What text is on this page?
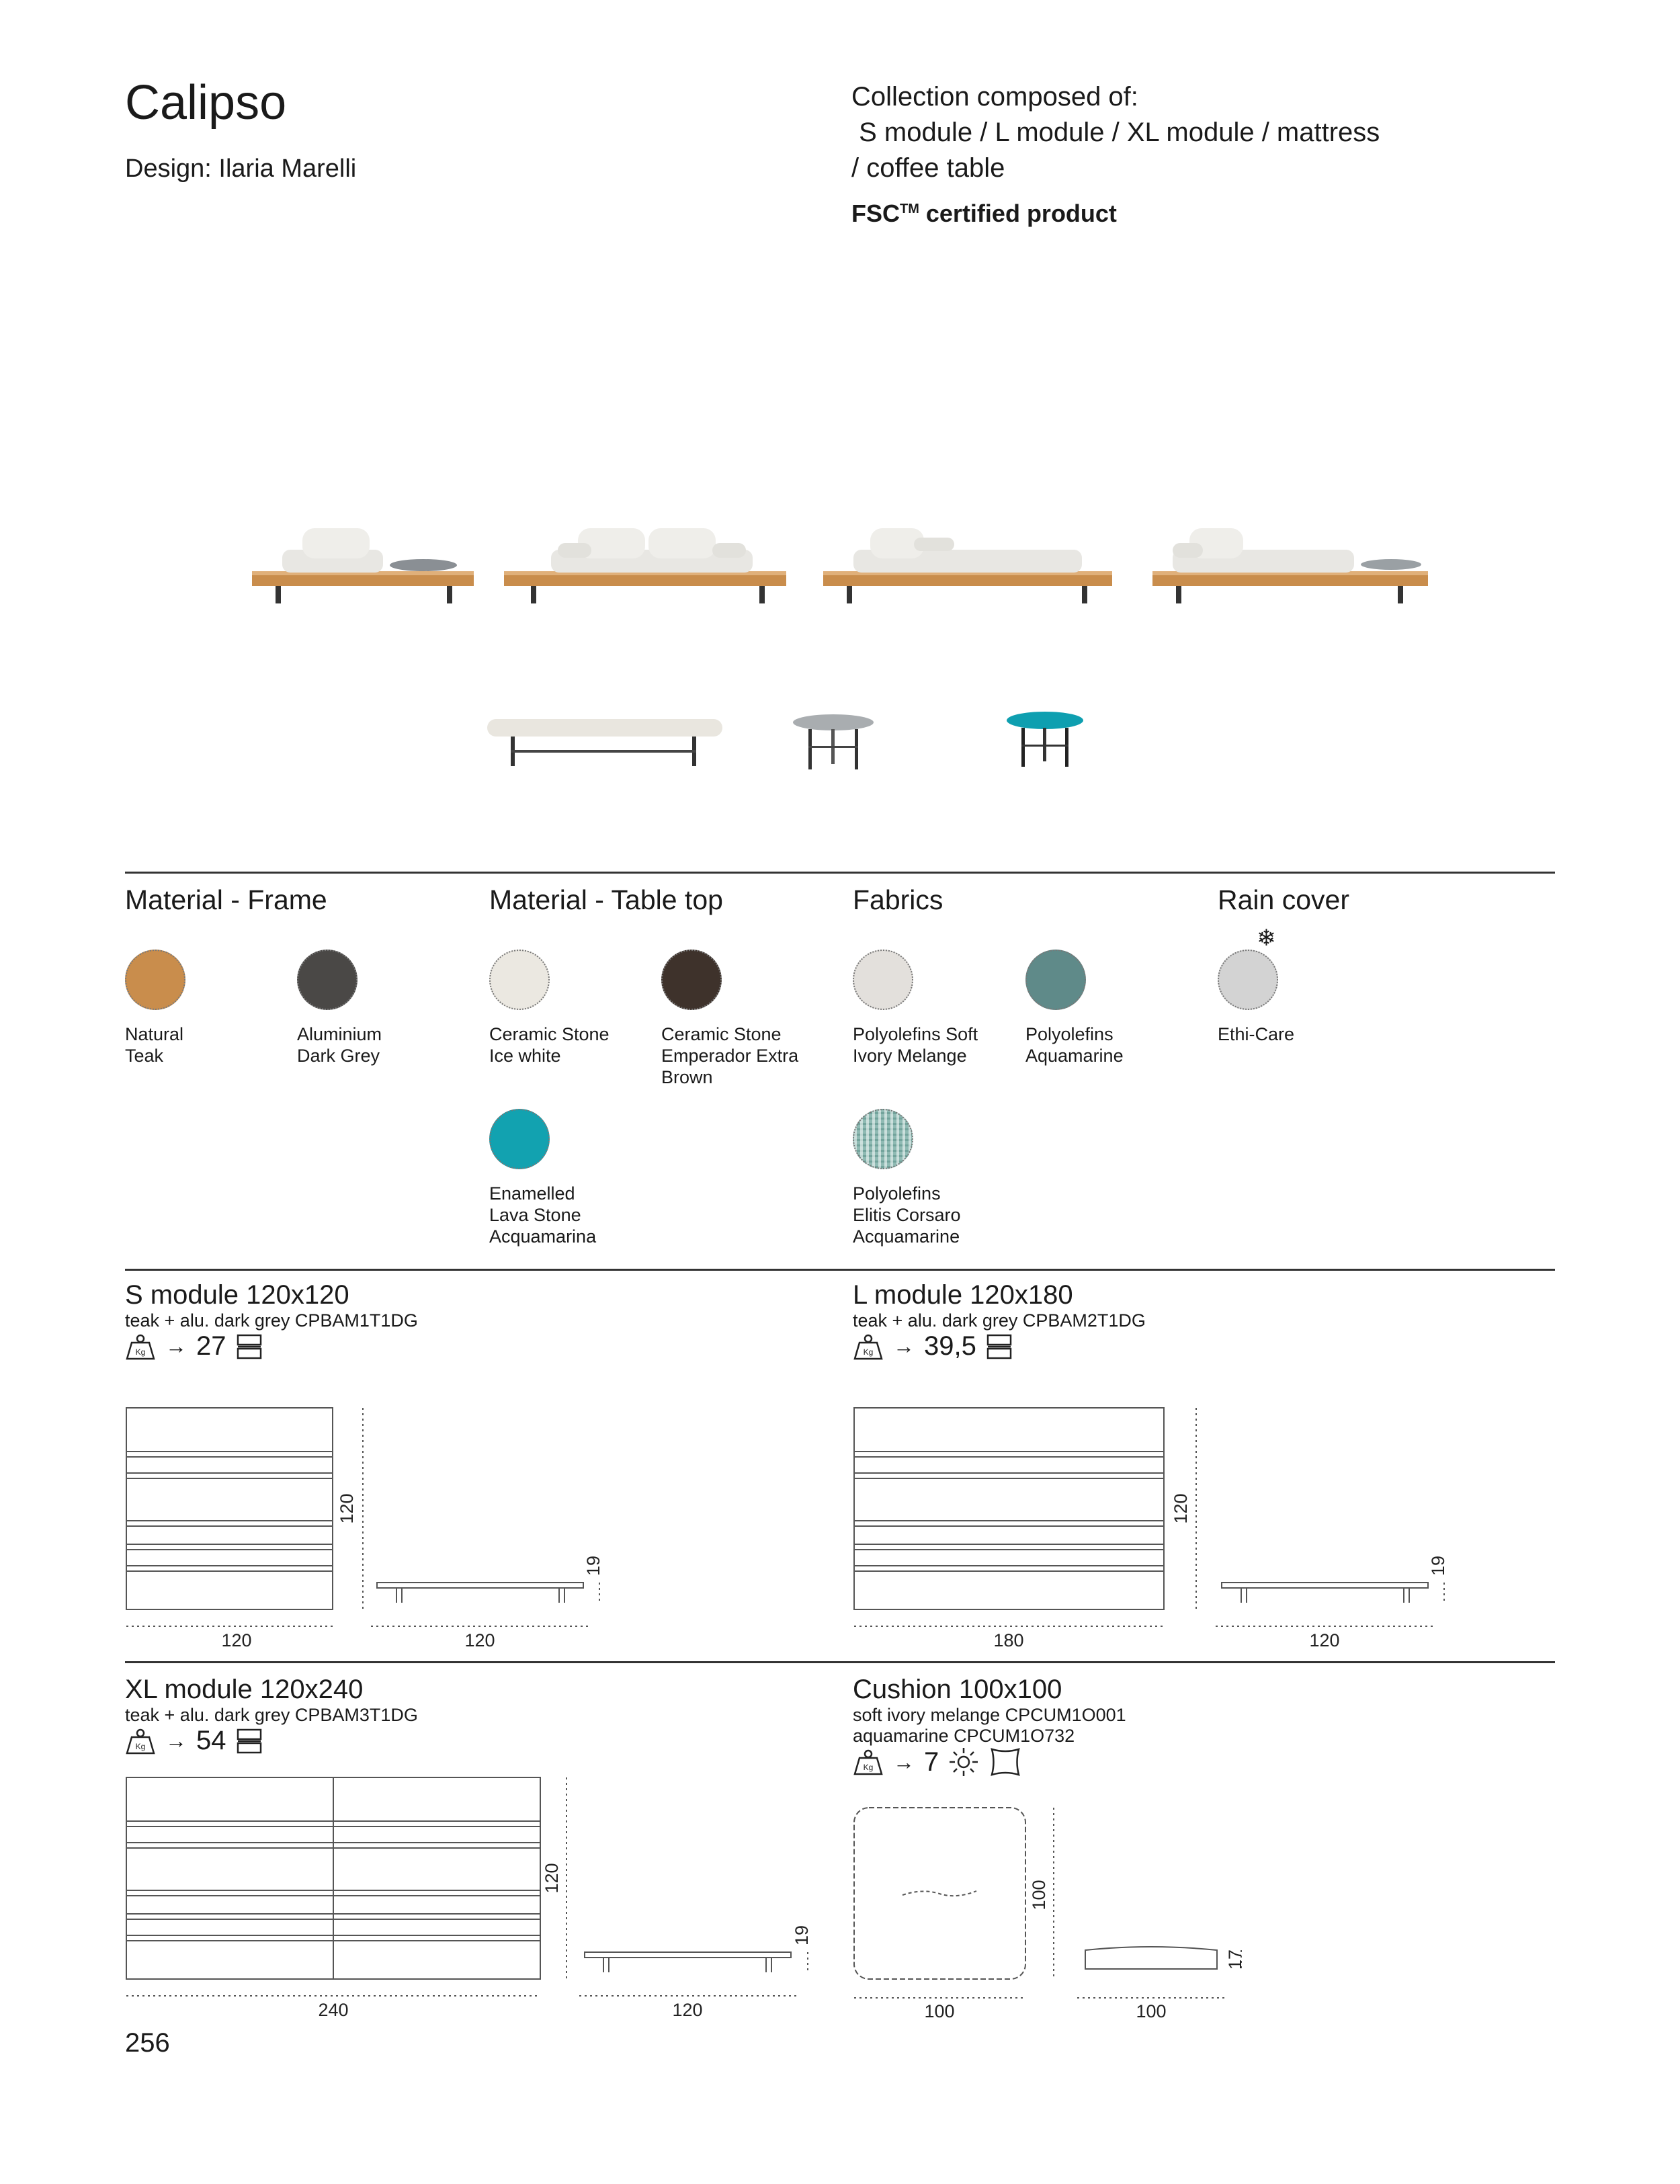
Calipso
Design: Ilaria Marelli
Collection composed of:
S module / L module / XL module / mattress
/ coffee table
FSC™ certified product
Material - Frame	Material - Table top	Fabrics	Rain cover
❄
Natural
Teak
Aluminium
Dark Grey
Ceramic Stone
Ice white
Ceramic Stone
Emperador Extra
Brown
Polyolefins Soft
Ivory Melange
Polyolefins
Aquamarine
Ethi-Care
Enamelled
Lava Stone
Acquamarina
Polyolefins
Elitis Corsaro
Acquamarine
S module 120x120
teak + alu. dark grey CPBAM1T1DG
Kg → 27
120
120
120
19
L module 120x180
teak + alu. dark grey CPBAM2T1DG
Kg → 39,5
180
120
120
19
XL module 120x240
teak + alu. dark grey CPBAM3T1DG
Kg → 54
240
120
120
19
Cushion 100x100
soft ivory melange CPCUM1O001
aquamarine CPCUM1O732
Kg → 7
100
100
100
17
256
